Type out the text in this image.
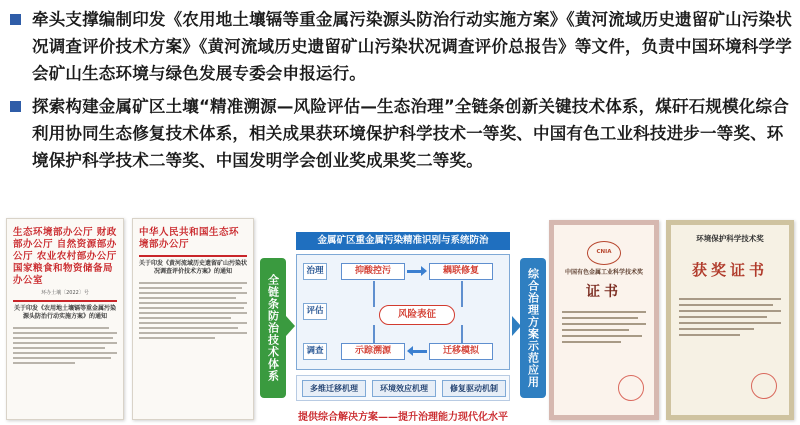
牵头支撑编制印发《农用地土壤镉等重金属污染源头防治行动实施方案》《黄河流域历史遗留矿山污染状况调查评价技术方案》《黄河流域历史遗留矿山污染状况调查评价总报告》等文件，负责中国环境科学学会矿山生态环境与绿色发展专委会申报运行。
探索构建金属矿区土壤“精准溯源—风险评估—生态治理”全链条创新关键技术体系，煤矸石规模化综合利用协同生态修复技术体系，相关成果获环境保护科学技术一等奖、中国有色工业科技进步一等奖、环境保护科学技术二等奖、中国发明学会创业奖成果奖二等奖。
生态环境部办公厅 财政部办公厅 自然资源部办公厅 农业农村部办公厅 国家粮食和物资储备局办公室
环办土壤〔2022〕号
关于印发《农用地土壤镉等重金属污染源头防治行动实施方案》的通知
中华人民共和国生态环境部办公厅
关于印发《黄河流域历史遗留矿山污染状况调查评价技术方案》的通知
全链条防治技术体系
金属矿区重金属污染精准识别与系统防治
治理
评估
调查
抑酸控污	耦联修复
风险表征
示踪溯源	迁移模拟
多维迁移机理	环境效应机理	修复驱动机制
提供综合解决方案——提升治理能力现代化水平
综合治理方案示范应用
CNIA
中国有色金属工业科学技术奖
证书
环境保护科学技术奖
获奖证书
